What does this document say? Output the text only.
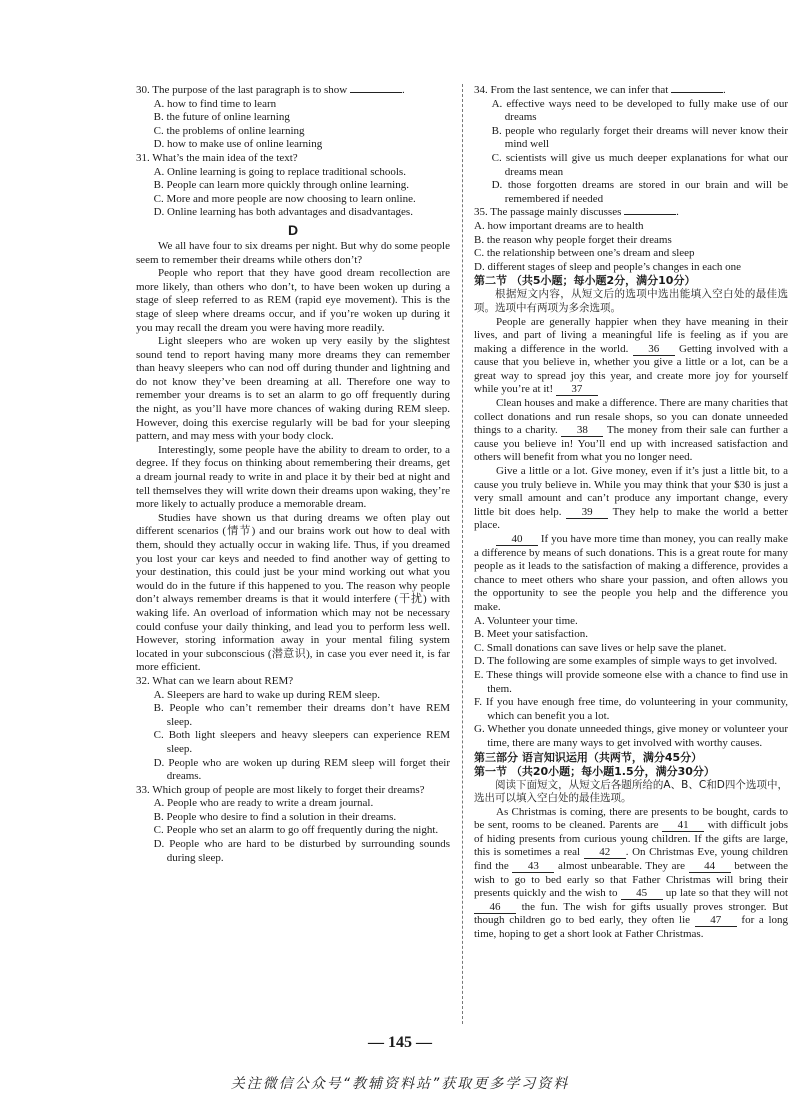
30. The purpose of the last paragraph is to show	.

A. how to find time to learn

B. the future of online learning

C. the problems of online learning

D. how to make use of online learning

31. What’s the main idea of the text?

A. Online learning is going to replace traditional schools.

B. People can learn more quickly through online learning.

C. More and more people are now choosing to learn online.

D. Online learning has both advantages and disadvantages.

D

We all have four to six dreams per night. But why do some people seem to remember their dreams while others don’t?

People who report that they have good dream recollection are more likely, than others who don’t, to have been woken up during a stage of sleep referred to as REM (rapid eye movement). This is the stage of sleep where dreams occur, and if you’re woken up during it you may recall the dream you were having more readily.

Light sleepers who are woken up very easily by the slightest sound tend to report having many more dreams they can remember than heavy sleepers who can nod off during thunder and lightning and do not know they’ve been dreaming at all. Therefore one way to remember your dreams is to set an alarm to go off frequently during the night, as you’ll have more chances of waking during REM sleep. However, doing this exercise regularly will be bad for your sleeping pattern, and may mess with your body clock.

Interestingly, some people have the ability to dream to order, to a degree. If they focus on thinking about remembering their dreams, get a dream journal ready to write in and place it by their bed at night and tell themselves they will write down their dreams upon waking, they’re more likely to actually produce a memorable dream.

Studies have shown us that during dreams we often play out different scenarios (情节) and our brains work out how to deal with them, should they actually occur in waking life. Thus, if you dreamed you lost your car keys and needed to find another way of getting to your destination, this could just be your mind working out what you would do in the future if this happened to you. The reason why people don’t always remember dreams is that it would interfere (干扰) with waking life. An overload of information which may not be necessary could confuse your daily thinking, and lead you to perform less well. However, storing information away in your mental filing system located in your subconscious (潜意识), in case you ever need it, is far more efficient.

32. What can we learn about REM?

A. Sleepers are hard to wake up during REM sleep.

B. People who can’t remember their dreams don’t have REM sleep.

C. Both light sleepers and heavy sleepers can experience REM sleep.

D. People who are woken up during REM sleep will forget their dreams.

33. Which group of people are most likely to forget their dreams?

A. People who are ready to write a dream journal.

B. People who desire to find a solution in their dreams.

C. People who set an alarm to go off frequently during the night.

D. People who are hard to be disturbed by surrounding sounds during sleep.

34. From the last sentence, we can infer that	.

A. effective ways need to be developed to fully make use of our dreams

B. people who regularly forget their dreams will never know their mind well

C. scientists will give us much deeper explanations for what our dreams mean

D. those forgotten dreams are stored in our brain and will be remembered if needed

35. The passage mainly discusses	.

A. how important dreams are to health

B. the reason why people forget their dreams

C. the relationship between one’s dream and sleep

D. different stages of sleep and people’s changes in each one

第二节 （共5小题；每小题2分，满分10分）

根据短文内容，从短文后的选项中选出能填入空白处的最佳选项。选项中有两项为多余选项。

People are generally happier when they have meaning in their lives, and part of living a meaningful life is feeling as if you are making a difference in the world. 36 Getting involved with a cause that you believe in, whether you give a little or a lot, can be a great way to spread joy this year, and create more joy for yourself while you’re at it! 37

Clean houses and make a difference. There are many charities that collect donations and run resale shops, so you can donate unneeded things to a charity. 38 The money from their sale can further a cause you believe in! You’ll end up with increased satisfaction and others will benefit from what you no longer need.

Give a little or a lot. Give money, even if it’s just a little bit, to a cause you truly believe in. While you may think that your $30 is just a very small amount and can’t produce any important change, every little bit does help. 39 They help to make the world a better place.

40 If you have more time than money, you can really make a difference by means of such donations. This is a great route for many people as it leads to the satisfaction of making a difference, provides a chance to meet others who share your passion, and often allows you the opportunity to see the people you help and the difference you make.

A. Volunteer your time.

B. Meet your satisfaction.

C. Small donations can save lives or help save the planet.

D. The following are some examples of simple ways to get involved.

E. These things will provide someone else with a chance to find use in them.

F. If you have enough free time, do volunteering in your community, which can benefit you a lot.

G. Whether you donate unneeded things, give money or volunteer your time, there are many ways to get involved with worthy causes.

第三部分 语言知识运用（共两节，满分45分）

第一节 （共20小题；每小题1.5分，满分30分）

阅读下面短文，从短文后各题所给的A、B、C和D四个选项中，选出可以填入空白处的最佳选项。

As Christmas is coming, there are presents to be bought, cards to be sent, rooms to be cleaned. Parents are 41 with difficult jobs of hiding presents from curious young children. If the gifts are large, this is sometimes a real 42 . On Christmas Eve, young children find the 43 almost unbearable. They are 44 between the wish to go to bed early so that Father Christmas will bring their presents quickly and the wish to 45 up late so that they will not 46 the fun. The wish for gifts usually proves stronger. But though children go to bed early, they often lie 47 for a long time, hoping to get a short look at Father Christmas.

— 145 —
关注微信公众号“教辅资料站”获取更多学习资料
